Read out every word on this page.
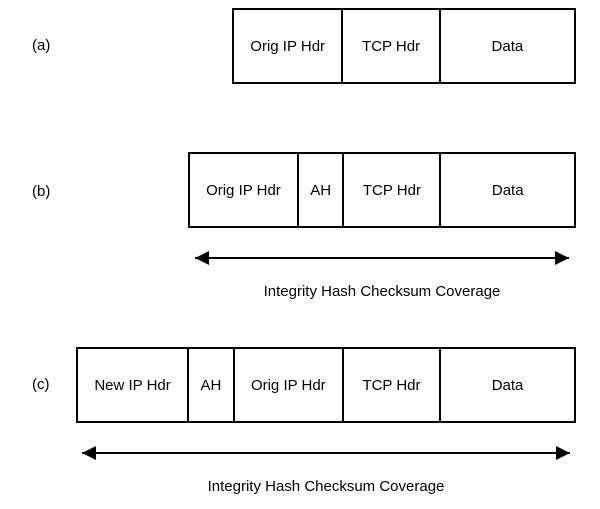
(a)	Orig IP Hdr	TCP Hdr	Data
(b)	Orig IP Hdr	AH	TCP Hdr	Data
Integrity Hash Checksum Coverage
(c)	New IP Hdr	AH	Orig IP Hdr	TCP Hdr	Data
Integrity Hash Checksum Coverage
